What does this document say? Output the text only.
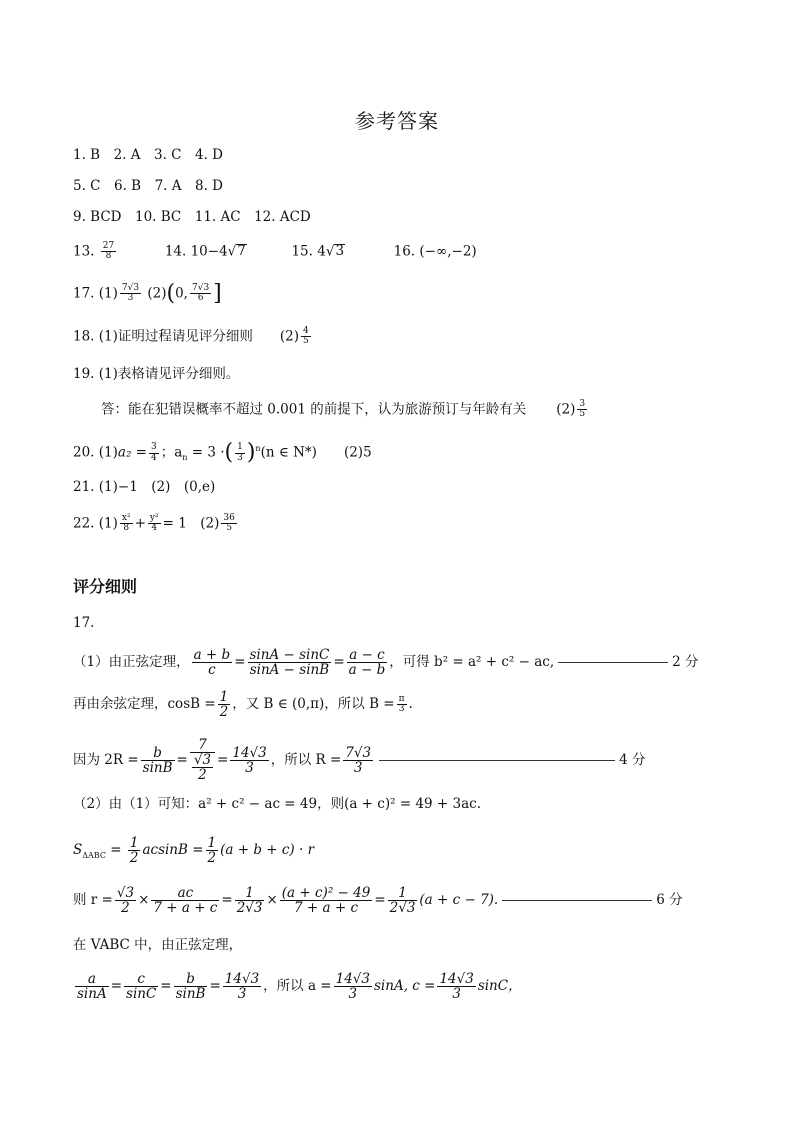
参考答案
1. B　2. A　3. C　4. D
5. C　6. B　7. A　8. D
9. BCD　10. BC　11. AC　12. ACD
13. $\frac{27}{8}$	14. 10−4√7	15. 4√3	16. (−∞,−2)
17. $(1) \frac{7√3}{3} (2)(0$, $\frac{7√3}{6}$ ]
18. (1)证明过程请见评分细则　　$(2) \frac{4}{5}$
19. (1)表格请见评分细则。
答：能在犯错误概率不超过 0.001 的前提下，认为旅游预订与年龄有关 $(2) \frac{3}{5}$
20. $(1)a_2 = \frac{3}{4}$ ；$a_n = 3$ ·( $\frac{1}{3} )^n(n$ ∈ N*)　　(2)5
21. (1)−1　(2)　(0,e)
22. $(1) \frac{\text{x²}}{8} + \frac{\text{y²}}{4} = 1$　$(2) \frac{36}{5}$
评分细则
17.
（1）由正弦定理， $\frac{a + b}{c} = \frac{\sin A - \sin C}{\sin A - \sin B} = \frac{a - c}{a - b}$ ，可得 b² = a² + c² − ac,	2 分
再由余弦定理，$\cos B = \frac{1}{2}$ ，又 B ∈ (0,π)，所以 $B = \frac{\pi}{3}$ .
因为 $2R = \frac{b}{\sin B} = \frac{7}{\frac{√3}{2}} = \frac{14√3}{3}$ ，所以 $R = \frac{7√3}{3}$	4 分
（2）由（1）可知：a² + c² − ac = 49，则(a + c)² = 49 + 3ac.
$S_{\Delta ABC} = \frac{1}{2}$ $acsinB = \frac{1}{2} (a + b + c) \cdot r$
则 $r = \frac{√3}{2} \times \frac{ac}{7 + a + c} = \frac{1}{2√3} \times \frac{\text{(a + c)² − 49}}{7 + a + c} = \frac{1}{2√3} (a + c - 7)$.	6 分
在 VABC 中，由正弦定理，
$\frac{a}{\sin A} = \frac{c}{\sin C} = \frac{b}{\sin B} = \frac{14√3}{3}$ ，所以 $a = \frac{14√3}{3} \sin A$, $c = \frac{14√3}{3}$ sinC，
